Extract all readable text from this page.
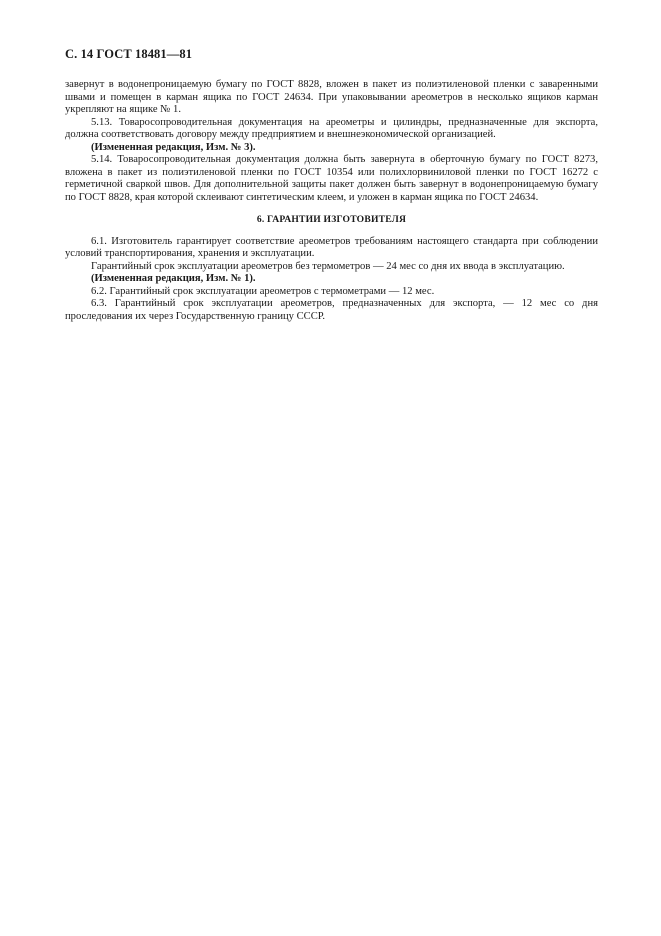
С. 14 ГОСТ 18481—81

завернут в водонепроницаемую бумагу по ГОСТ 8828, вложен в пакет из полиэтиленовой пленки с заваренными швами и помещен в карман ящика по ГОСТ 24634. При упаковывании ареометров в несколько ящиков карман укрепляют на ящике № 1.

5.13. Товаросопроводительная документация на ареометры и цилиндры, предназначенные для экспорта, должна соответствовать договору между предприятием и внешнеэкономической организацией.

(Измененная редакция, Изм. № 3).

5.14. Товаросопроводительная документация должна быть завернута в оберточную бумагу по ГОСТ 8273, вложена в пакет из полиэтиленовой пленки по ГОСТ 10354 или полихлорвиниловой пленки по ГОСТ 16272 с герметичной сваркой швов. Для дополнительной защиты пакет должен быть завернут в водонепроницаемую бумагу по ГОСТ 8828, края которой склеивают синтетическим клеем, и уложен в карман ящика по ГОСТ 24634.

6. ГАРАНТИИ ИЗГОТОВИТЕЛЯ

6.1. Изготовитель гарантирует соответствие ареометров требованиям настоящего стандарта при соблюдении условий транспортирования, хранения и эксплуатации.

Гарантийный срок эксплуатации ареометров без термометров — 24 мес со дня их ввода в эксплуатацию.

(Измененная редакция, Изм. № 1).

6.2. Гарантийный срок эксплуатации ареометров с термометрами — 12 мес.

6.3. Гарантийный срок эксплуатации ареометров, предназначенных для экспорта, — 12 мес со дня проследования их через Государственную границу СССР.
